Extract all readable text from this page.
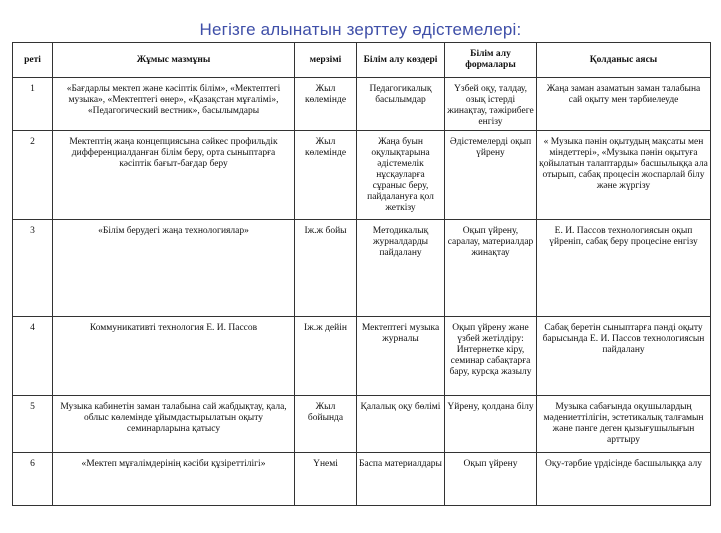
Негізге алынатын зерттеу әдістемелері:
реті	Жұмыс мазмұны	мерзімі	Білім алу көздері	Білім алу формалары	Қолданыс аясы
1	«Бағдарлы мектеп және кәсіптік білім», «Мектептегі музыка», «Мектептегі өнер», «Қазақстан мұғалімі», «Педагогический вестник», басылымдары	Жыл көлемінде	Педагогикалық басылымдар	Үзбей оқу, талдау, озық істерді жинақтау, тәжірибеге енгізу	Жаңа заман азаматын заман талабына сай оқыту мен тәрбиелеуде
2	Мектептің жаңа концепциясына сәйкес профильдік дифференциалданған білім беру, орта сыныптарға кәсіптік бағыт-бағдар беру	Жыл көлемінде	Жаңа буын оқулықтарына әдістемелік нұсқауларға сұраныс беру, пайдалануға қол жеткізу	Әдістемелерді оқып үйрену	« Музыка пәнін оқытудың мақсаты мен міндеттері», «Музыка пәнін оқытуға қойылатын талаптарды» басшылыққа ала отырып, сабақ процесін жоспарлай білу және жүргізу
3	«Білім берудегі жаңа технологиялар»	Іж.ж бойы	Методикалық журналдарды пайдалану	Оқып үйрену, саралау, материалдар жинақтау	Е. И. Пассов технологиясын оқып үйреніп, сабақ беру процесіне енгізу
4	Коммуникативті технология Е. И. Пассов	Іж.ж дейін	Мектептегі музыка журналы	Оқып үйрену және үзбей жетілдіру: Интернетке кіру, семинар сабақтарға бару, курсқа жазылу	Сабақ беретін сыныптарға пәнді оқыту барысында Е. И. Пассов технологиясын пайдалану
5	Музыка кабинетін заман талабына сай жабдықтау, қала, облыс көлемінде ұйымдастырылатын оқыту семинарларына қатысу	Жыл бойында	Қалалық оқу бөлімі	Үйрену, қолдана білу	Музыка сабағында оқушылардың мәдениеттілігін, эстетикалық талғамын және пәнге деген қызығушылығын арттыру
6	«Мектеп мұғалімдерінің кәсіби құзіреттілігі»	Үнемі	Баспа материалдары	Оқып үйрену	Оқу-тәрбие үрдісінде басшылыққа алу
